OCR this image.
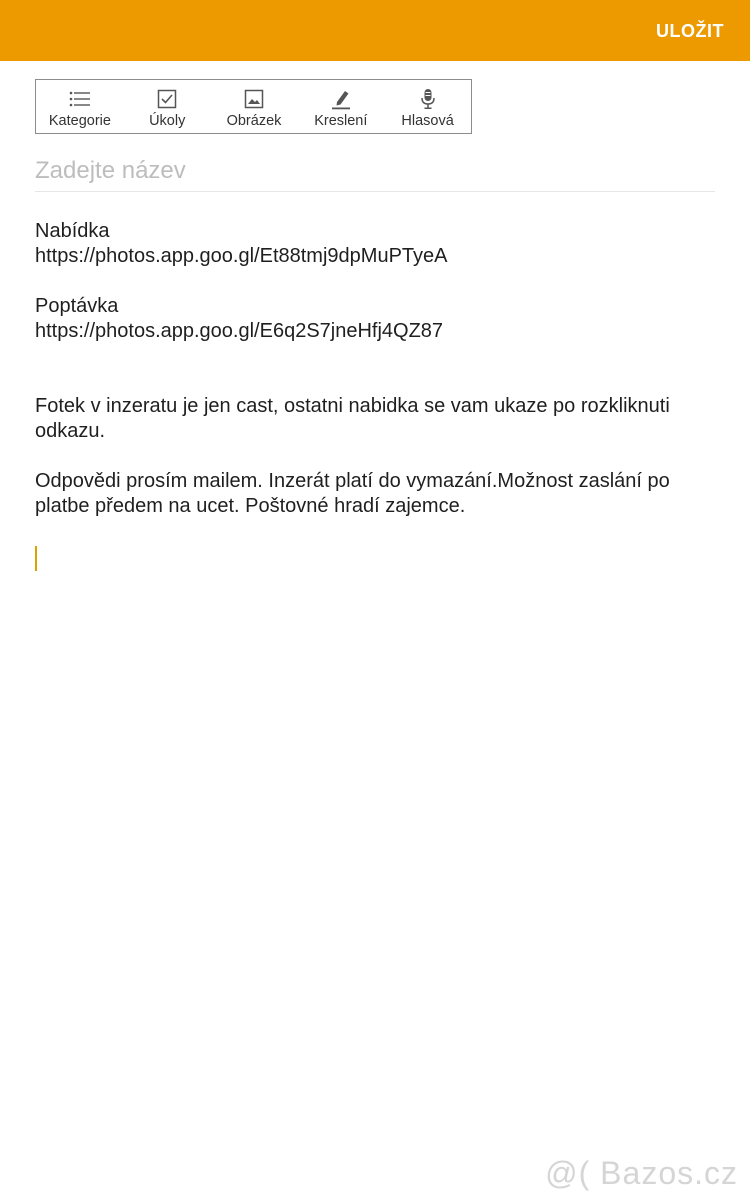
ULOŽIT
Kategorie	Úkoly	Obrázek Kreslení Hlasová
Zadejte název

Nabídka
https://photos.app.goo.gl/Et88tmj9dpMuPTyeA

Poptávka
https://photos.app.goo.gl/E6q2S7jneHfj4QZ87

Fotek v inzeratu je jen cast, ostatni nabidka se vam ukaze po rozkliknuti odkazu.

Odpovědi prosím mailem. Inzerát platí do vymazání.Možnost zaslání po platbe předem na ucet. Poštovné hradí zajemce.

@( Bazos.cz
